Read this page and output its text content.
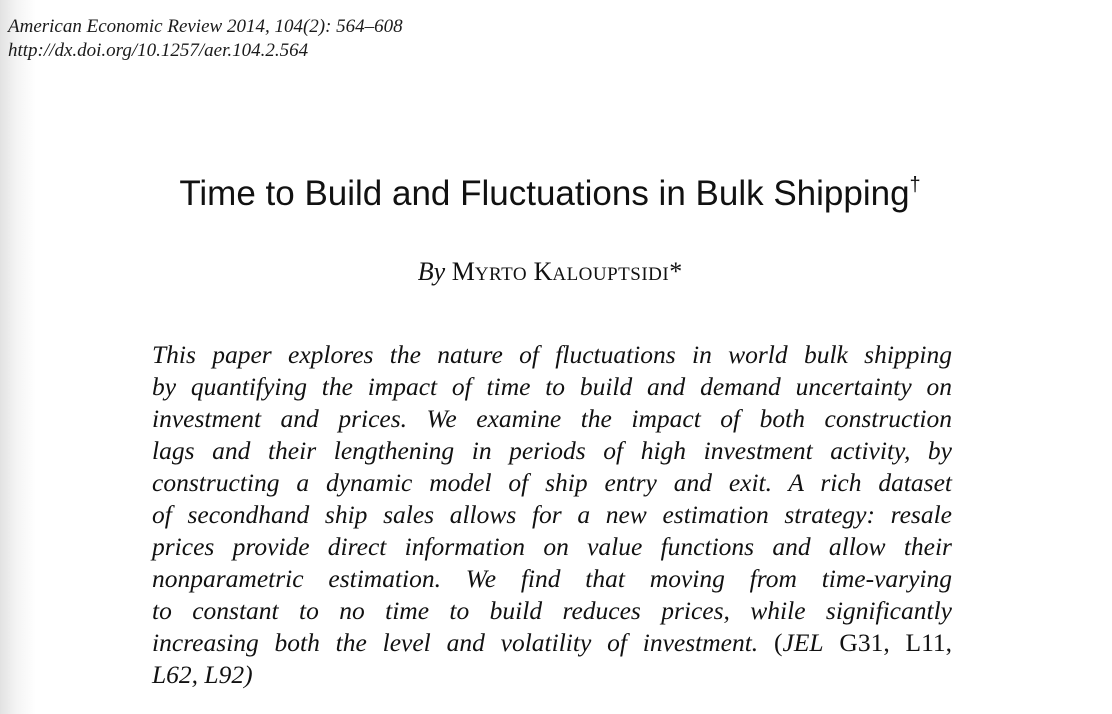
American Economic Review 2014, 104(2): 564–608
http://dx.doi.org/10.1257/aer.104.2.564
Time to Build and Fluctuations in Bulk Shipping†
By MYRTO KALOUPTSIDI*
This paper explores the nature of fluctuations in world bulk shipping
by quantifying the impact of time to build and demand uncertainty on
investment and prices. We examine the impact of both construction
lags and their lengthening in periods of high investment activity, by
constructing a dynamic model of ship entry and exit. A rich dataset
of secondhand ship sales allows for a new estimation strategy: resale
prices provide direct information on value functions and allow their
nonparametric estimation. We find that moving from time-varying
to constant to no time to build reduces prices, while significantly
increasing both the level and volatility of investment. (JEL G31, L11,
L62, L92)
